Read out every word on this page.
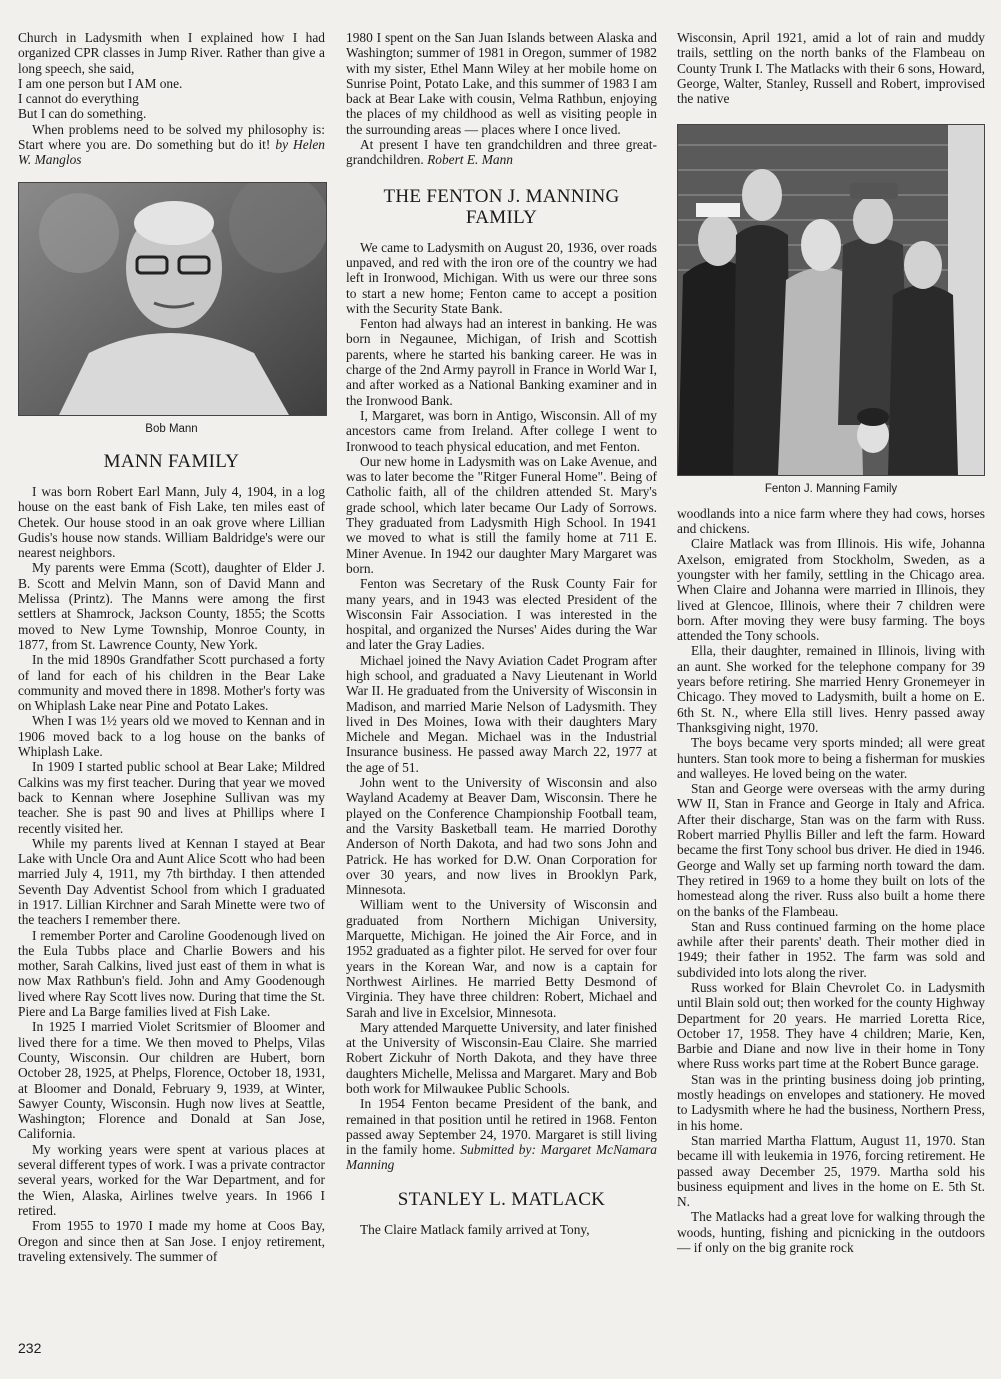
Church in Ladysmith when I explained how I had organized CPR classes in Jump River. Rather than give a long speech, she said,

I am one person but I AM one.

I cannot do everything

But I can do something.

When problems need to be solved my philosophy is: Start where you are. Do something but do it! by Helen W. Manglos

Bob Mann
MANN FAMILY

I was born Robert Earl Mann, July 4, 1904, in a log house on the east bank of Fish Lake, ten miles east of Chetek. Our house stood in an oak grove where Lillian Gudis's house now stands. William Baldridge's were our nearest neighbors.

My parents were Emma (Scott), daughter of Elder J. B. Scott and Melvin Mann, son of David Mann and Melissa (Printz). The Manns were among the first settlers at Shamrock, Jackson County, 1855; the Scotts moved to New Lyme Township, Monroe County, in 1877, from St. Lawrence County, New York.

In the mid 1890s Grandfather Scott purchased a forty of land for each of his children in the Bear Lake community and moved there in 1898. Mother's forty was on Whiplash Lake near Pine and Potato Lakes.

When I was 1½ years old we moved to Kennan and in 1906 moved back to a log house on the banks of Whiplash Lake.

In 1909 I started public school at Bear Lake; Mildred Calkins was my first teacher. During that year we moved back to Kennan where Josephine Sullivan was my teacher. She is past 90 and lives at Phillips where I recently visited her.

While my parents lived at Kennan I stayed at Bear Lake with Uncle Ora and Aunt Alice Scott who had been married July 4, 1911, my 7th birthday. I then attended Seventh Day Adventist School from which I graduated in 1917. Lillian Kirchner and Sarah Minette were two of the teachers I remember there.

I remember Porter and Caroline Goodenough lived on the Eula Tubbs place and Charlie Bowers and his mother, Sarah Calkins, lived just east of them in what is now Max Rathbun's field. John and Amy Goodenough lived where Ray Scott lives now. During that time the St. Piere and La Barge families lived at Fish Lake.

In 1925 I married Violet Scritsmier of Bloomer and lived there for a time. We then moved to Phelps, Vilas County, Wisconsin. Our children are Hubert, born October 28, 1925, at Phelps, Florence, October 18, 1931, at Bloomer and Donald, February 9, 1939, at Winter, Sawyer County, Wisconsin. Hugh now lives at Seattle, Washington; Florence and Donald at San Jose, California.

My working years were spent at various places at several different types of work. I was a private contractor several years, worked for the War Department, and for the Wien, Alaska, Airlines twelve years. In 1966 I retired.

From 1955 to 1970 I made my home at Coos Bay, Oregon and since then at San Jose. I enjoy retirement, traveling extensively. The summer of

1980 I spent on the San Juan Islands between Alaska and Washington; summer of 1981 in Oregon, summer of 1982 with my sister, Ethel Mann Wiley at her mobile home on Sunrise Point, Potato Lake, and this summer of 1983 I am back at Bear Lake with cousin, Velma Rathbun, enjoying the places of my childhood as well as visiting people in the surrounding areas — places where I once lived.

At present I have ten grandchildren and three great-grandchildren. Robert E. Mann

THE FENTON J. MANNING FAMILY

We came to Ladysmith on August 20, 1936, over roads unpaved, and red with the iron ore of the country we had left in Ironwood, Michigan. With us were our three sons to start a new home; Fenton came to accept a position with the Security State Bank.

Fenton had always had an interest in banking. He was born in Negaunee, Michigan, of Irish and Scottish parents, where he started his banking career. He was in charge of the 2nd Army payroll in France in World War I, and after worked as a National Banking examiner and in the Ironwood Bank.

I, Margaret, was born in Antigo, Wisconsin. All of my ancestors came from Ireland. After college I went to Ironwood to teach physical education, and met Fenton.

Our new home in Ladysmith was on Lake Avenue, and was to later become the "Ritger Funeral Home". Being of Catholic faith, all of the children attended St. Mary's grade school, which later became Our Lady of Sorrows. They graduated from Ladysmith High School. In 1941 we moved to what is still the family home at 711 E. Miner Avenue. In 1942 our daughter Mary Margaret was born.

Fenton was Secretary of the Rusk County Fair for many years, and in 1943 was elected President of the Wisconsin Fair Association. I was interested in the hospital, and organized the Nurses' Aides during the War and later the Gray Ladies.

Michael joined the Navy Aviation Cadet Program after high school, and graduated a Navy Lieutenant in World War II. He graduated from the University of Wisconsin in Madison, and married Marie Nelson of Ladysmith. They lived in Des Moines, Iowa with their daughters Mary Michele and Megan. Michael was in the Industrial Insurance business. He passed away March 22, 1977 at the age of 51.

John went to the University of Wisconsin and also Wayland Academy at Beaver Dam, Wisconsin. There he played on the Conference Championship Football team, and the Varsity Basketball team. He married Dorothy Anderson of North Dakota, and had two sons John and Patrick. He has worked for D.W. Onan Corporation for over 30 years, and now lives in Brooklyn Park, Minnesota.

William went to the University of Wisconsin and graduated from Northern Michigan University, Marquette, Michigan. He joined the Air Force, and in 1952 graduated as a fighter pilot. He served for over four years in the Korean War, and now is a captain for Northwest Airlines. He married Betty Desmond of Virginia. They have three children: Robert, Michael and Sarah and live in Excelsior, Minnesota.

Mary attended Marquette University, and later finished at the University of Wisconsin-Eau Claire. She married Robert Zickuhr of North Dakota, and they have three daughters Michelle, Melissa and Margaret. Mary and Bob both work for Milwaukee Public Schools.

In 1954 Fenton became President of the bank, and remained in that position until he retired in 1968. Fenton passed away September 24, 1970. Margaret is still living in the family home. Submitted by: Margaret McNamara Manning

STANLEY L. MATLACK

The Claire Matlack family arrived at Tony,

Wisconsin, April 1921, amid a lot of rain and muddy trails, settling on the north banks of the Flambeau on County Trunk I. The Matlacks with their 6 sons, Howard, George, Walter, Stanley, Russell and Robert, improvised the native

Fenton J. Manning Family

woodlands into a nice farm where they had cows, horses and chickens.

Claire Matlack was from Illinois. His wife, Johanna Axelson, emigrated from Stockholm, Sweden, as a youngster with her family, settling in the Chicago area. When Claire and Johanna were married in Illinois, they lived at Glencoe, Illinois, where their 7 children were born. After moving they were busy farming. The boys attended the Tony schools.

Ella, their daughter, remained in Illinois, living with an aunt. She worked for the telephone company for 39 years before retiring. She married Henry Gronemeyer in Chicago. They moved to Ladysmith, built a home on E. 6th St. N., where Ella still lives. Henry passed away Thanksgiving night, 1970.

The boys became very sports minded; all were great hunters. Stan took more to being a fisherman for muskies and walleyes. He loved being on the water.

Stan and George were overseas with the army during WW II, Stan in France and George in Italy and Africa. After their discharge, Stan was on the farm with Russ. Robert married Phyllis Biller and left the farm. Howard became the first Tony school bus driver. He died in 1946. George and Wally set up farming north toward the dam. They retired in 1969 to a home they built on lots of the homestead along the river. Russ also built a home there on the banks of the Flambeau.

Stan and Russ continued farming on the home place awhile after their parents' death. Their mother died in 1949; their father in 1952. The farm was sold and subdivided into lots along the river.

Russ worked for Blain Chevrolet Co. in Ladysmith until Blain sold out; then worked for the county Highway Department for 20 years. He married Loretta Rice, October 17, 1958. They have 4 children; Marie, Ken, Barbie and Diane and now live in their home in Tony where Russ works part time at the Robert Bunce garage.

Stan was in the printing business doing job printing, mostly headings on envelopes and stationery. He moved to Ladysmith where he had the business, Northern Press, in his home.

Stan married Martha Flattum, August 11, 1970. Stan became ill with leukemia in 1976, forcing retirement. He passed away December 25, 1979. Martha sold his business equipment and lives in the home on E. 5th St. N.

The Matlacks had a great love for walking through the woods, hunting, fishing and picnicking in the outdoors — if only on the big granite rock

232
